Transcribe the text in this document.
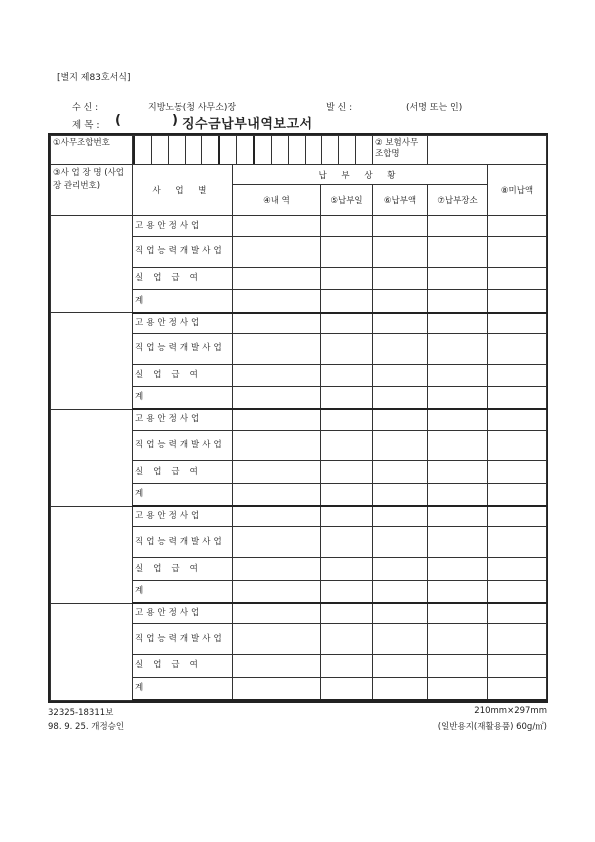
[별지 제83호서식]
수 신 :	지방노동(청 사무소)장	발 신 :	(서명 또는 인)
제 목 : (	) 징수금납부내역보고서
①사무조합번호				② 보험사무조합명		
③사 업 장 명 (사업장 관리번호)	사 업 별	납 부 상 황				⑧미납액
		④내 역	⑤납부일	⑥납부액	⑦납부장소	
	고용안정사업					
	직업능력개발사업					
	실업급여					
	계					
	고용안정사업					
	직업능력개발사업					
	실업급여					
	계					
	고용안정사업					
	직업능력개발사업					
	실업급여					
	계					
	고용안정사업					
	직업능력개발사업					
	실업급여					
	계					
	고용안정사업					
	직업능력개발사업					
	실업급여					
	계					
32325-18311보
98. 9. 25. 개정승인
210mm×297mm
(일반용지(재활용품) 60g/㎡)
